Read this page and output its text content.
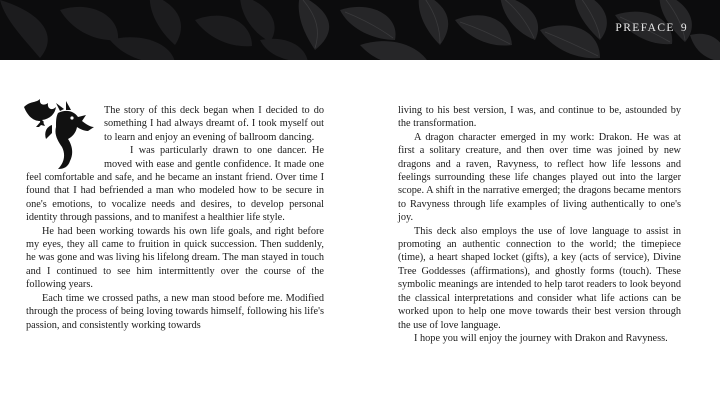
PREFACE 9

The story of this deck began when I decided to do something I had always dreamt of. I took myself out to learn and enjoy an evening of ballroom dancing.

I was particularly drawn to one dancer. He moved with ease and gentle confidence. It made one feel comfortable and safe, and he became an instant friend. Over time I found that I had befriended a man who modeled how to be secure in one's emotions, to vocalize needs and desires, to develop personal identity through passions, and to manifest a healthier life style.

He had been working towards his own life goals, and right before my eyes, they all came to fruition in quick succession. Then suddenly, he was gone and was living his lifelong dream. The man stayed in touch and I continued to see him intermittently over the course of the following years.

Each time we crossed paths, a new man stood before me. Modified through the process of being loving towards himself, following his life's passion, and consistently working towards

living to his best version, I was, and continue to be, astounded by the transformation.

A dragon character emerged in my work: Drakon. He was at first a solitary creature, and then over time was joined by new dragons and a raven, Ravyness, to reflect how life lessons and feelings surrounding these life changes played out into the larger scope. A shift in the narrative emerged; the dragons became mentors to Ravyness through life examples of living authentically to one's joy.

This deck also employs the use of love language to assist in promoting an authentic connection to the world; the timepiece (time), a heart shaped locket (gifts), a key (acts of service), Divine Tree Goddesses (affirmations), and ghostly forms (touch). These symbolic meanings are intended to help tarot readers to look beyond the classical interpretations and consider what life actions can be worked upon to help one move towards their best version through the use of love language.

I hope you will enjoy the journey with Drakon and Ravyness.
